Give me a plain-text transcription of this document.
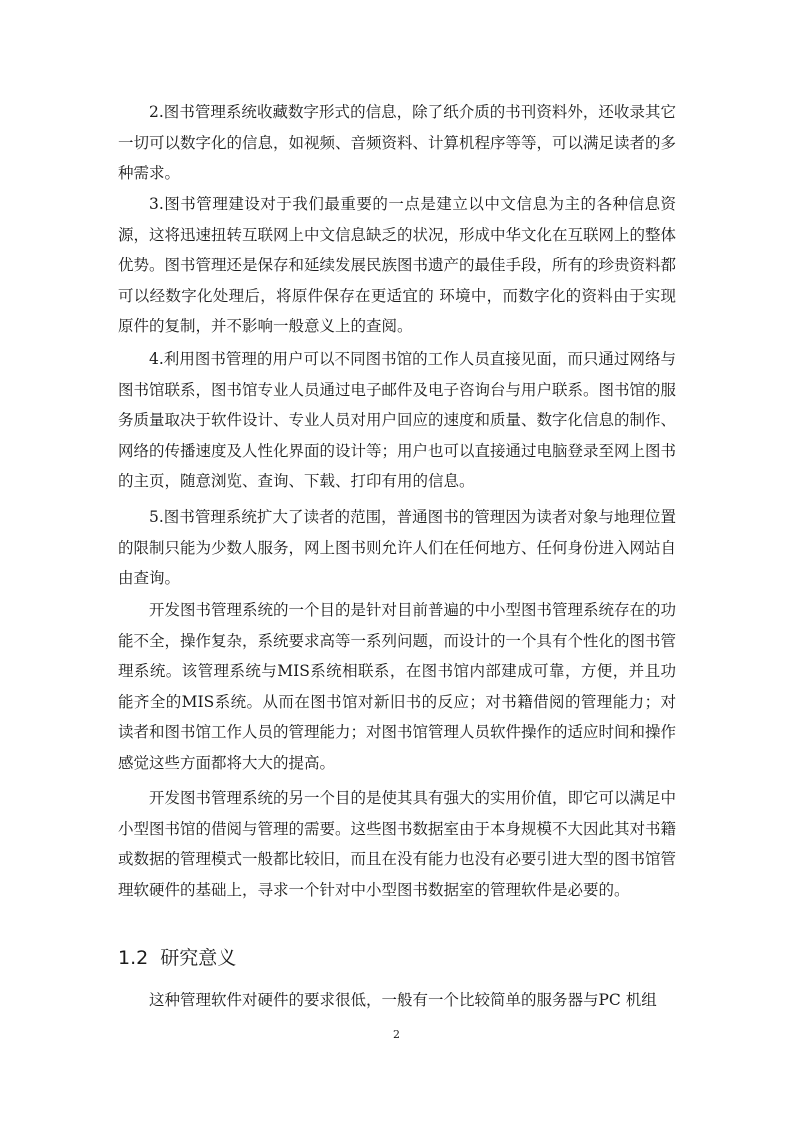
2.图书管理系统收藏数字形式的信息，除了纸介质的书刊资料外，还收录其它一切可以数字化的信息，如视频、音频资料、计算机程序等等，可以满足读者的多种需求。

3.图书管理建设对于我们最重要的一点是建立以中文信息为主的各种信息资源，这将迅速扭转互联网上中文信息缺乏的状况，形成中华文化在互联网上的整体优势。图书管理还是保存和延续发展民族图书遗产的最佳手段，所有的珍贵资料都可以经数字化处理后，将原件保存在更适宜的 环境中，而数字化的资料由于实现原件的复制，并不影响一般意义上的查阅。

4.利用图书管理的用户可以不同图书馆的工作人员直接见面，而只通过网络与图书馆联系，图书馆专业人员通过电子邮件及电子咨询台与用户联系。图书馆的服务质量取决于软件设计、专业人员对用户回应的速度和质量、数字化信息的制作、网络的传播速度及人性化界面的设计等；用户也可以直接通过电脑登录至网上图书的主页，随意浏览、查询、下载、打印有用的信息。

5.图书管理系统扩大了读者的范围，普通图书的管理因为读者对象与地理位置的限制只能为少数人服务，网上图书则允许人们在任何地方、任何身份进入网站自由查询。

开发图书管理系统的一个目的是针对目前普遍的中小型图书管理系统存在的功能不全，操作复杂，系统要求高等一系列问题，而设计的一个具有个性化的图书管理系统。该管理系统与MIS系统相联系，在图书馆内部建成可靠，方便，并且功能齐全的MIS系统。从而在图书馆对新旧书的反应；对书籍借阅的管理能力；对读者和图书馆工作人员的管理能力；对图书馆管理人员软件操作的适应时间和操作感觉这些方面都将大大的提高。

开发图书管理系统的另一个目的是使其具有强大的实用价值，即它可以满足中小型图书馆的借阅与管理的需要。这些图书数据室由于本身规模不大因此其对书籍或数据的管理模式一般都比较旧，而且在没有能力也没有必要引进大型的图书馆管理软硬件的基础上，寻求一个针对中小型图书数据室的管理软件是必要的。

1.2 研究意义

这种管理软件对硬件的要求很低，一般有一个比较简单的服务器与PC 机组

2
